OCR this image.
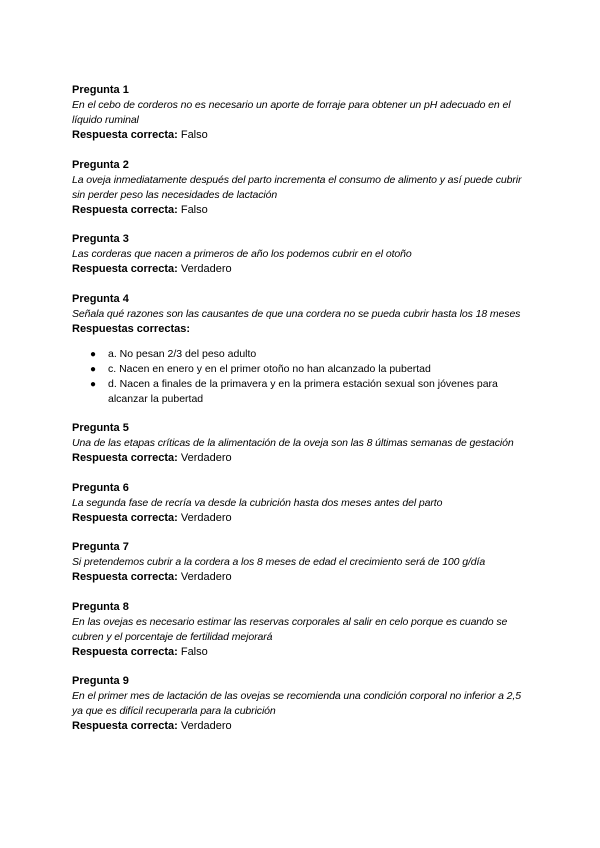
Pregunta 1
En el cebo de corderos no es necesario un aporte de forraje para obtener un pH adecuado en el líquido ruminal
Respuesta correcta: Falso
Pregunta 2
La oveja inmediatamente después del parto incrementa el consumo de alimento y así puede cubrir sin perder peso las necesidades de lactación
Respuesta correcta: Falso
Pregunta 3
Las corderas que nacen a primeros de año los podemos cubrir en el otoño
Respuesta correcta: Verdadero
Pregunta 4
Señala qué razones son las causantes de que una cordera no se pueda cubrir hasta los 18 meses
Respuestas correctas:
● a. No pesan 2/3 del peso adulto
● c. Nacen en enero y en el primer otoño no han alcanzado la pubertad
● d. Nacen a finales de la primavera y en la primera estación sexual son jóvenes para alcanzar la pubertad
Pregunta 5
Una de las etapas críticas de la alimentación de la oveja son las 8 últimas semanas de gestación
Respuesta correcta: Verdadero
Pregunta 6
La segunda fase de recría va desde la cubrición hasta dos meses antes del parto
Respuesta correcta: Verdadero
Pregunta 7
Si pretendemos cubrir a la cordera a los 8 meses de edad el crecimiento será de 100 g/día
Respuesta correcta: Verdadero
Pregunta 8
En las ovejas es necesario estimar las reservas corporales al salir en celo porque es cuando se cubren y el porcentaje de fertilidad mejorará
Respuesta correcta: Falso
Pregunta 9
En el primer mes de lactación de las ovejas se recomienda una condición corporal no inferior a 2,5 ya que es difícil recuperarla para la cubrición
Respuesta correcta: Verdadero
